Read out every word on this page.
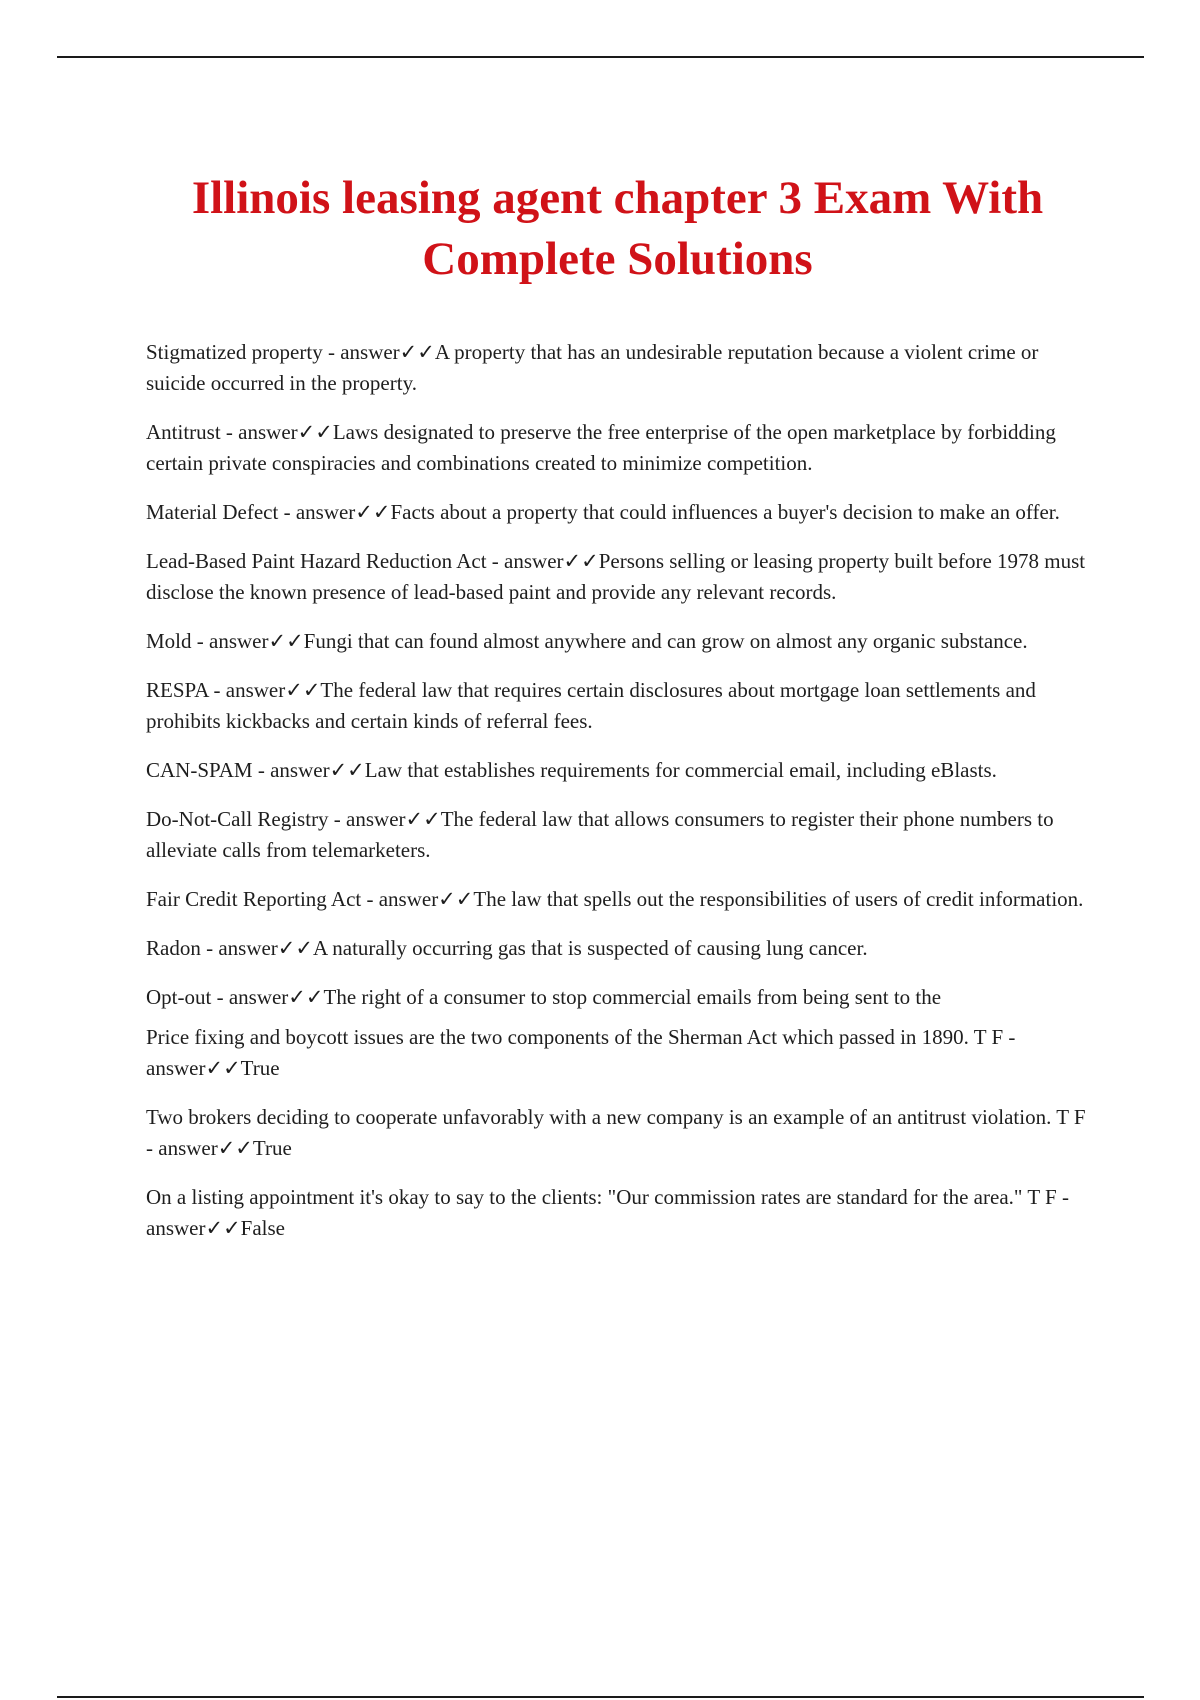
Illinois leasing agent chapter 3 Exam With Complete Solutions
Stigmatized property - answer✓✓A property that has an undesirable reputation because a violent crime or suicide occurred in the property.
Antitrust - answer✓✓Laws designated to preserve the free enterprise of the open marketplace by forbidding certain private conspiracies and combinations created to minimize competition.
Material Defect - answer✓✓Facts about a property that could influences a buyer's decision to make an offer.
Lead-Based Paint Hazard Reduction Act - answer✓✓Persons selling or leasing property built before 1978 must disclose the known presence of lead-based paint and provide any relevant records.
Mold - answer✓✓Fungi that can found almost anywhere and can grow on almost any organic substance.
RESPA - answer✓✓The federal law that requires certain disclosures about mortgage loan settlements and prohibits kickbacks and certain kinds of referral fees.
CAN-SPAM - answer✓✓Law that establishes requirements for commercial email, including eBlasts.
Do-Not-Call Registry - answer✓✓The federal law that allows consumers to register their phone numbers to alleviate calls from telemarketers.
Fair Credit Reporting Act - answer✓✓The law that spells out the responsibilities of users of credit information.
Radon - answer✓✓A naturally occurring gas that is suspected of causing lung cancer.
Opt-out - answer✓✓The right of a consumer to stop commercial emails from being sent to the
Price fixing and boycott issues are the two components of the Sherman Act which passed in 1890. T F - answer✓✓True
Two brokers deciding to cooperate unfavorably with a new company is an example of an antitrust violation. T F - answer✓✓True
On a listing appointment it's okay to say to the clients: "Our commission rates are standard for the area." T F - answer✓✓False
